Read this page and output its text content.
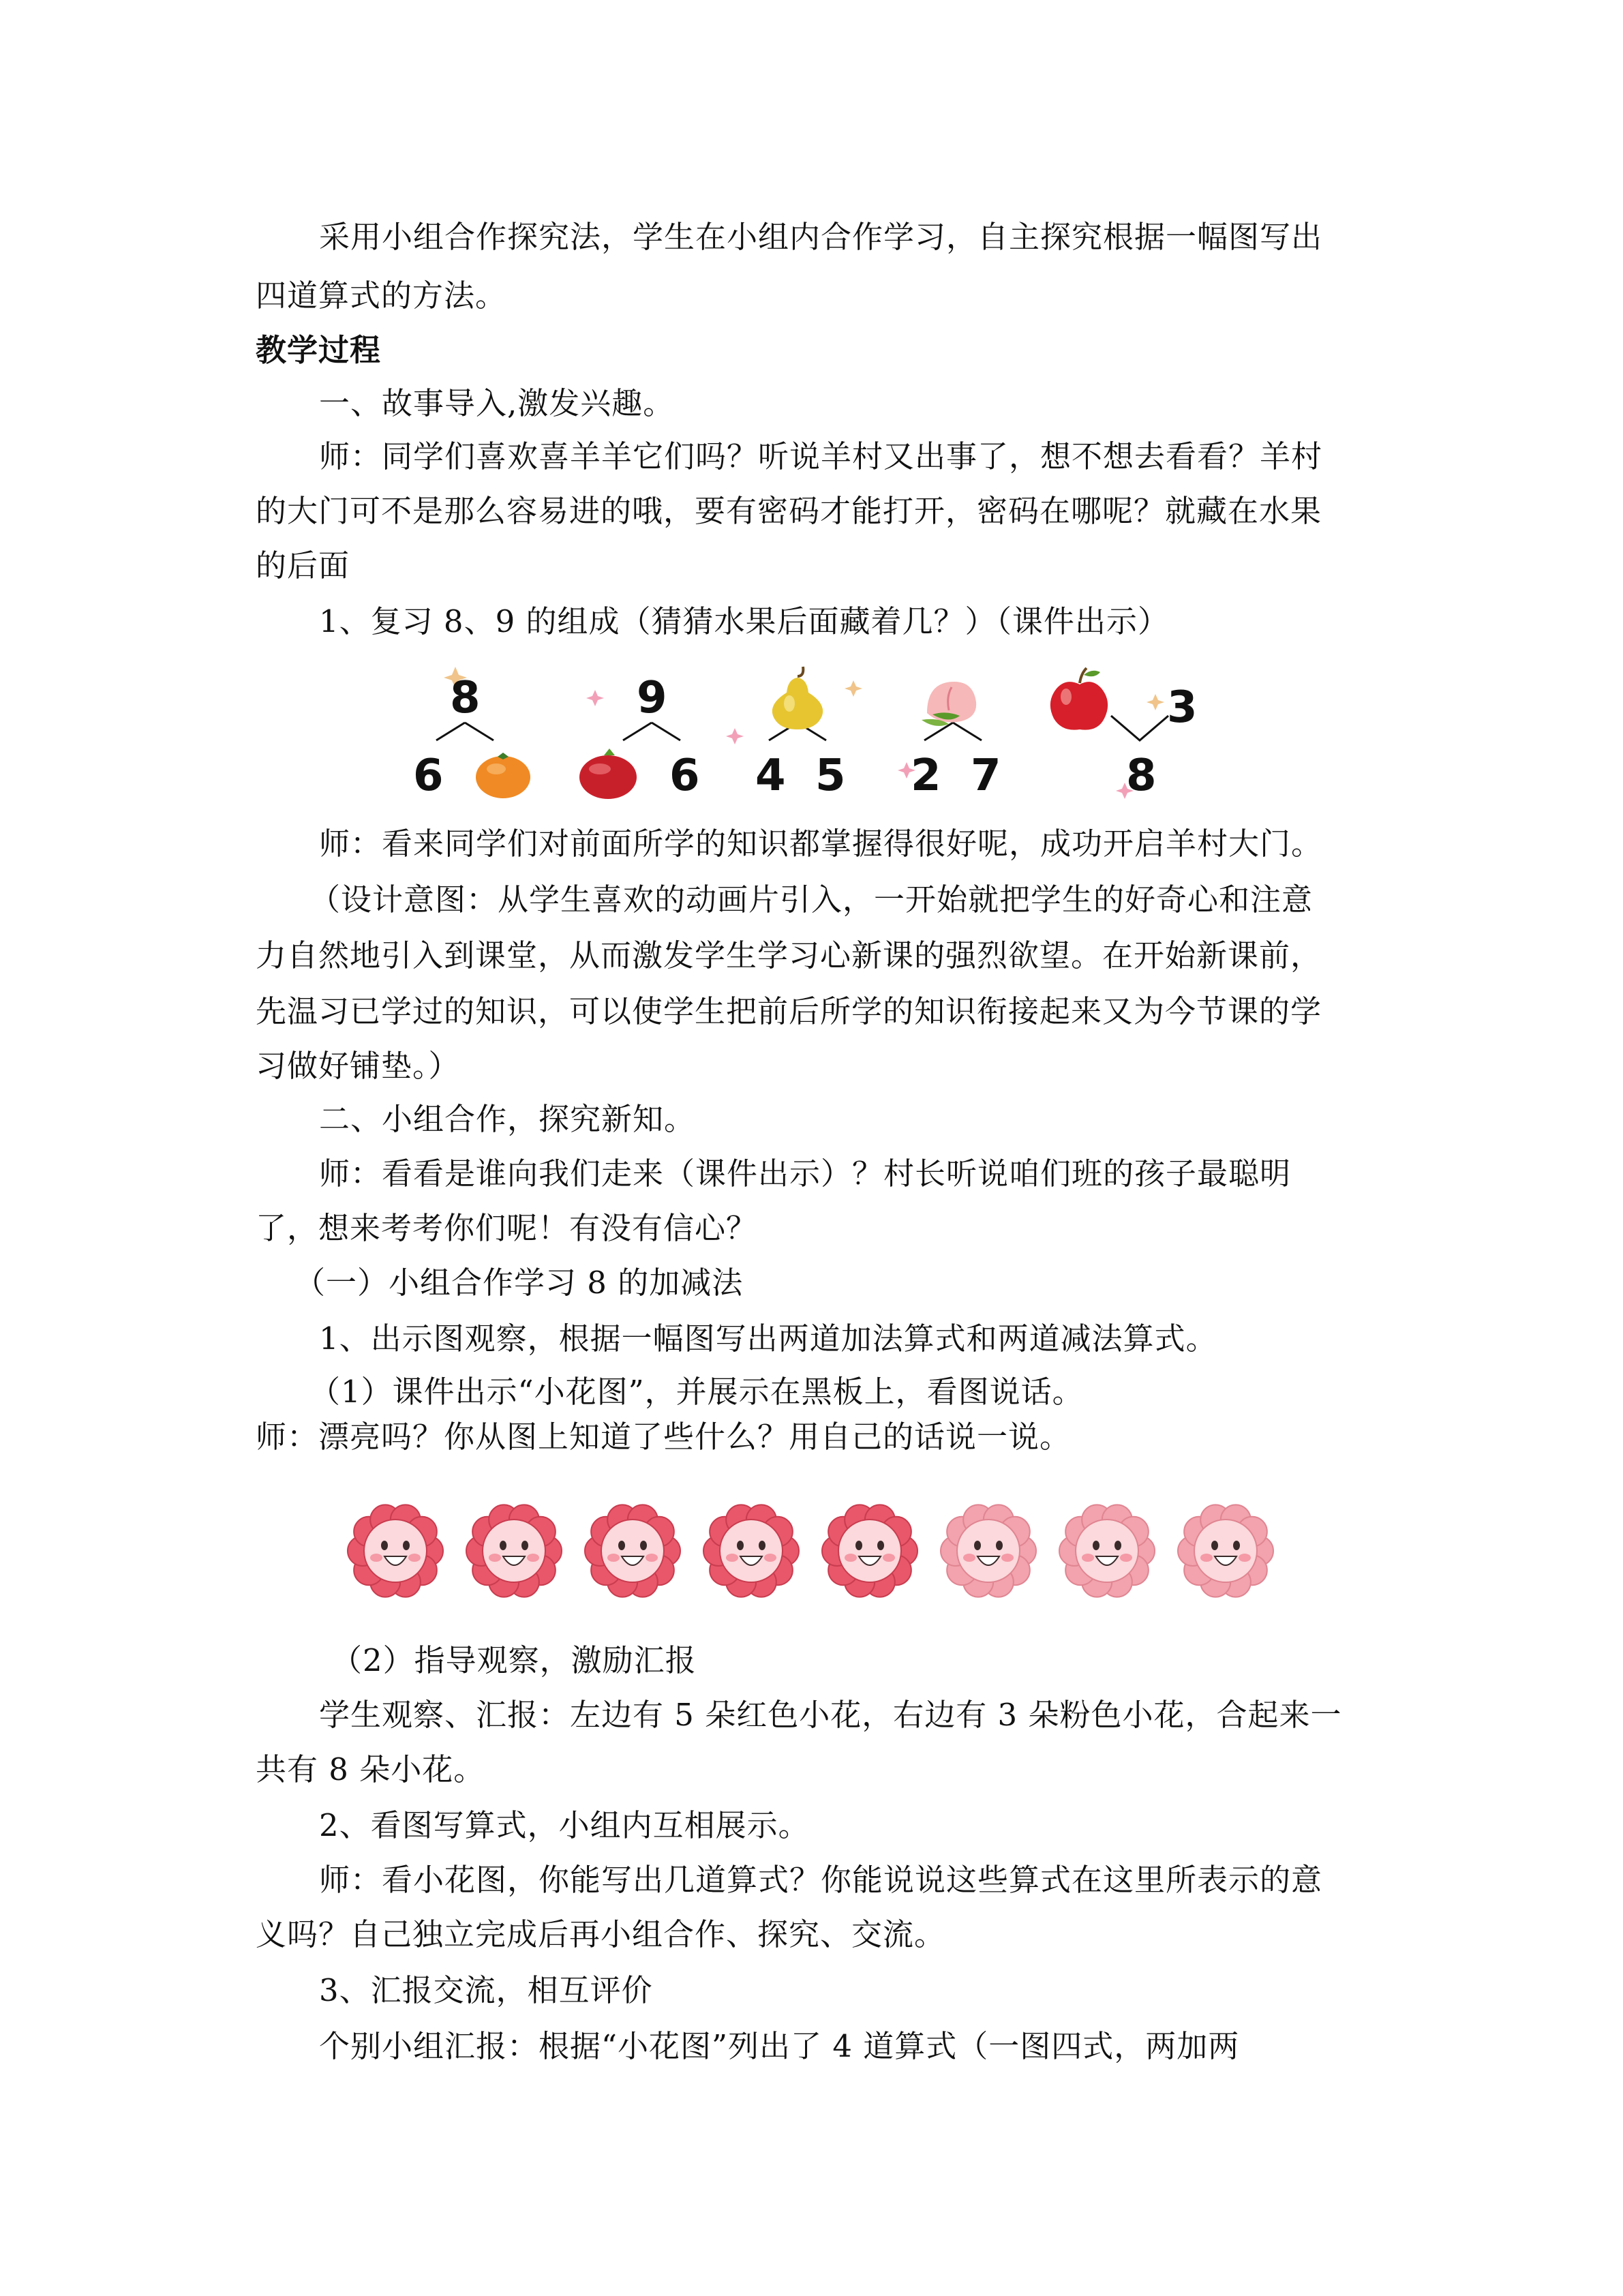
采用小组合作探究法，学生在小组内合作学习，自主探究根据一幅图写出
四道算式的方法。
教学过程
一、故事导入,激发兴趣。
师：同学们喜欢喜羊羊它们吗？听说羊村又出事了，想不想去看看？羊村
的大门可不是那么容易进的哦，要有密码才能打开，密码在哪呢？就藏在水果
的后面
1、复习 8、9 的组成（猜猜水果后面藏着几？）（课件出示）
8
6
9
6 4 5 2 7
3
8
师：看来同学们对前面所学的知识都掌握得很好呢，成功开启羊村大门。
（设计意图：从学生喜欢的动画片引入，一开始就把学生的好奇心和注意
力自然地引入到课堂，从而激发学生学习心新课的强烈欲望。在开始新课前，
先温习已学过的知识，可以使学生把前后所学的知识衔接起来又为今节课的学
习做好铺垫。）
二、小组合作，探究新知。
师：看看是谁向我们走来（课件出示）？村长听说咱们班的孩子最聪明
了，想来考考你们呢！有没有信心？
（一）小组合作学习 8 的加减法
1、出示图观察，根据一幅图写出两道加法算式和两道减法算式。
（1）课件出示“小花图”，并展示在黑板上，看图说话。
师：漂亮吗？你从图上知道了些什么？用自己的话说一说。
（2）指导观察，激励汇报
学生观察、汇报：左边有 5 朵红色小花，右边有 3 朵粉色小花，合起来一
共有 8 朵小花。
2、看图写算式，小组内互相展示。
师：看小花图，你能写出几道算式？你能说说这些算式在这里所表示的意
义吗？自己独立完成后再小组合作、探究、交流。
3、汇报交流，相互评价
个别小组汇报：根据“小花图”列出了 4 道算式（一图四式，两加两
